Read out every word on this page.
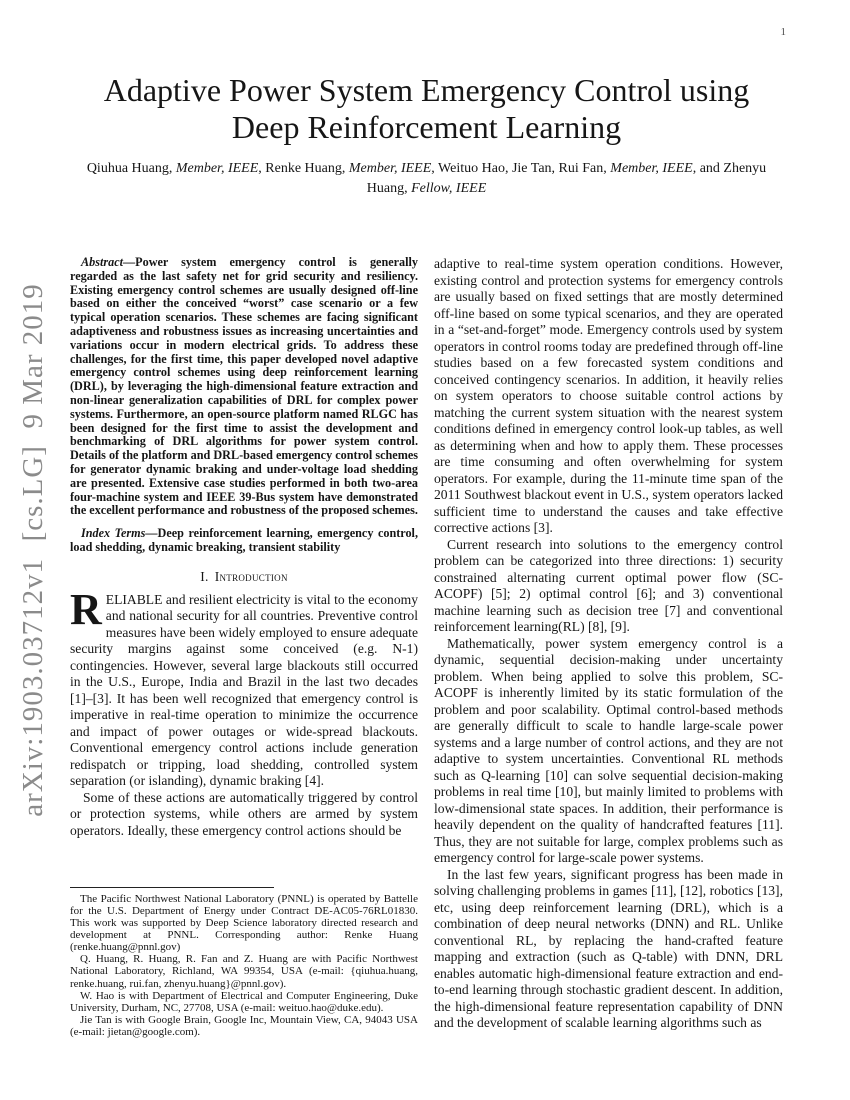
1
arXiv:1903.03712v1  [cs.LG]  9 Mar 2019
Adaptive Power System Emergency Control using
Deep Reinforcement Learning
Qiuhua Huang, Member, IEEE, Renke Huang, Member, IEEE, Weituo Hao, Jie Tan, Rui Fan, Member, IEEE, and Zhenyu Huang, Fellow, IEEE

Abstract—Power system emergency control is generally regarded as the last safety net for grid security and resiliency. Existing emergency control schemes are usually designed off-line based on either the conceived “worst” case scenario or a few typical operation scenarios. These schemes are facing significant adaptiveness and robustness issues as increasing uncertainties and variations occur in modern electrical grids. To address these challenges, for the first time, this paper developed novel adaptive emergency control schemes using deep reinforcement learning (DRL), by leveraging the high-dimensional feature extraction and non-linear generalization capabilities of DRL for complex power systems. Furthermore, an open-source platform named RLGC has been designed for the first time to assist the development and benchmarking of DRL algorithms for power system control. Details of the platform and DRL-based emergency control schemes for generator dynamic braking and under-voltage load shedding are presented. Extensive case studies performed in both two-area four-machine system and IEEE 39-Bus system have demonstrated the excellent performance and robustness of the proposed schemes.

Index Terms—Deep reinforcement learning, emergency control, load shedding, dynamic breaking, transient stability

I. Introduction

RELIABLE and resilient electricity is vital to the economy and national security for all countries. Preventive control measures have been widely employed to ensure adequate security margins against some conceived (e.g. N-1) contingencies. However, several large blackouts still occurred in the U.S., Europe, India and Brazil in the last two decades [1]–[3]. It has been well recognized that emergency control is imperative in real-time operation to minimize the occurrence and impact of power outages or wide-spread blackouts. Conventional emergency control actions include generation redispatch or tripping, load shedding, controlled system separation (or islanding), dynamic braking [4].

Some of these actions are automatically triggered by control or protection systems, while others are armed by system operators. Ideally, these emergency control actions should be

The Pacific Northwest National Laboratory (PNNL) is operated by Battelle for the U.S. Department of Energy under Contract DE-AC05-76RL01830. This work was supported by Deep Science laboratory directed research and development at PNNL. Corresponding author: Renke Huang (renke.huang@pnnl.gov)

Q. Huang, R. Huang, R. Fan and Z. Huang are with Pacific Northwest National Laboratory, Richland, WA 99354, USA (e-mail: {qiuhua.huang, renke.huang, rui.fan, zhenyu.huang}@pnnl.gov).

W. Hao is with Department of Electrical and Computer Engineering, Duke University, Durham, NC, 27708, USA (e-mail: weituo.hao@duke.edu).

Jie Tan is with Google Brain, Google Inc, Mountain View, CA, 94043 USA (e-mail: jietan@google.com).

adaptive to real-time system operation conditions. However, existing control and protection systems for emergency controls are usually based on fixed settings that are mostly determined off-line based on some typical scenarios, and they are operated in a “set-and-forget” mode. Emergency controls used by system operators in control rooms today are predefined through off-line studies based on a few forecasted system conditions and conceived contingency scenarios. In addition, it heavily relies on system operators to choose suitable control actions by matching the current system situation with the nearest system conditions defined in emergency control look-up tables, as well as determining when and how to apply them. These processes are time consuming and often overwhelming for system operators. For example, during the 11-minute time span of the 2011 Southwest blackout event in U.S., system operators lacked sufficient time to understand the causes and take effective corrective actions [3].

Current research into solutions to the emergency control problem can be categorized into three directions: 1) security constrained alternating current optimal power flow (SC-ACOPF) [5]; 2) optimal control [6]; and 3) conventional machine learning such as decision tree [7] and conventional reinforcement learning(RL) [8], [9].

Mathematically, power system emergency control is a dynamic, sequential decision-making under uncertainty problem. When being applied to solve this problem, SC-ACOPF is inherently limited by its static formulation of the problem and poor scalability. Optimal control-based methods are generally difficult to scale to handle large-scale power systems and a large number of control actions, and they are not adaptive to system uncertainties. Conventional RL methods such as Q-learning [10] can solve sequential decision-making problems in real time [10], but mainly limited to problems with low-dimensional state spaces. In addition, their performance is heavily dependent on the quality of handcrafted features [11]. Thus, they are not suitable for large, complex problems such as emergency control for large-scale power systems.

In the last few years, significant progress has been made in solving challenging problems in games [11], [12], robotics [13], etc, using deep reinforcement learning (DRL), which is a combination of deep neural networks (DNN) and RL. Unlike conventional RL, by replacing the hand-crafted feature mapping and extraction (such as Q-table) with DNN, DRL enables automatic high-dimensional feature extraction and end-to-end learning through stochastic gradient descent. In addition, the high-dimensional feature representation capability of DNN and the development of scalable learning algorithms such as
